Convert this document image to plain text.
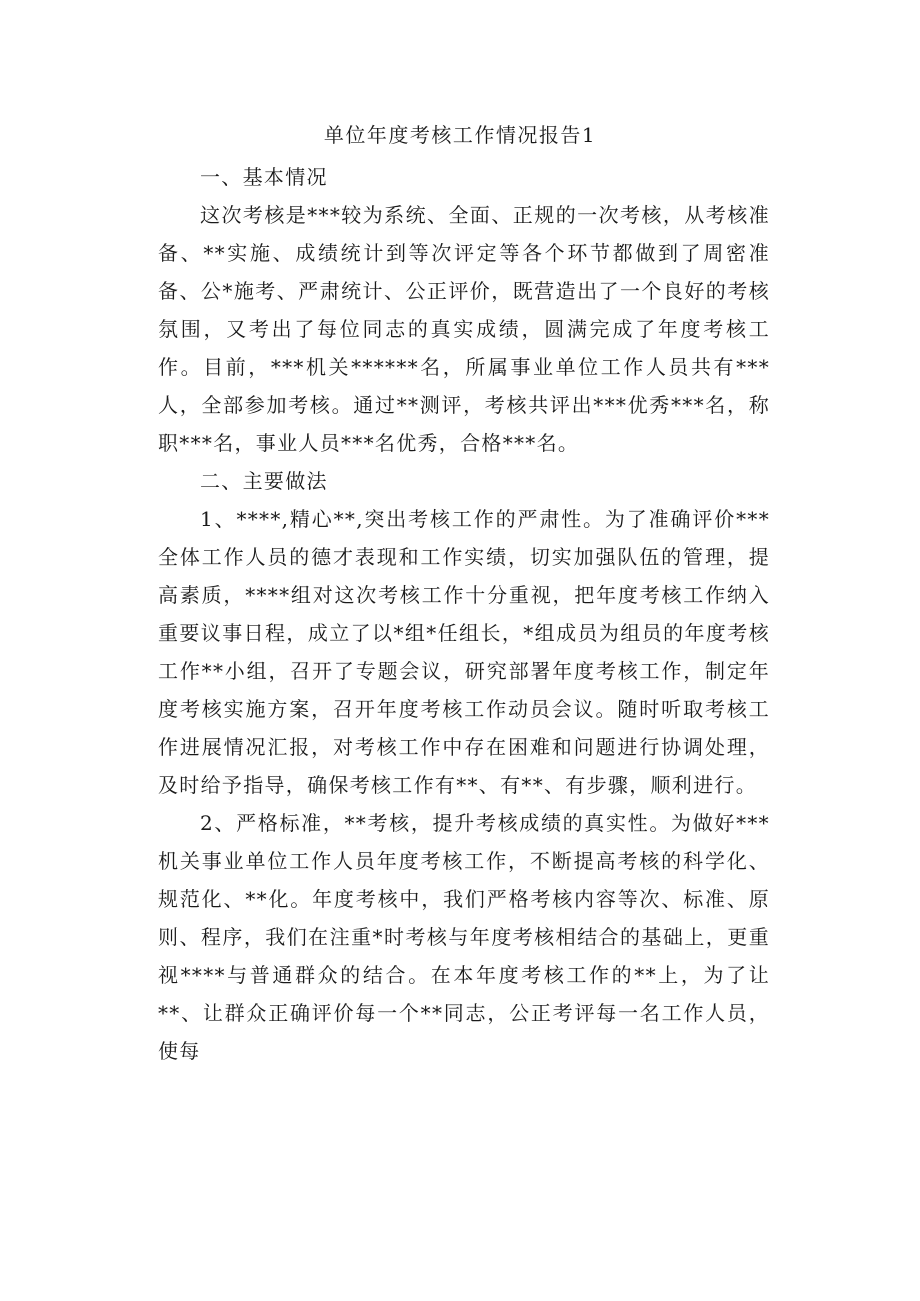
单位年度考核工作情况报告1
一、基本情况

这次考核是***较为系统、全面、正规的一次考核，从考核准备、**实施、成绩统计到等次评定等各个环节都做到了周密准备、公*施考、严肃统计、公正评价，既营造出了一个良好的考核氛围，又考出了每位同志的真实成绩，圆满完成了年度考核工作。目前，***机关******名，所属事业单位工作人员共有***人，全部参加考核。通过**测评，考核共评出***优秀***名，称职***名，事业人员***名优秀，合格***名。

二、主要做法

1、****,精心**,突出考核工作的严肃性。为了准确评价***全体工作人员的德才表现和工作实绩，切实加强队伍的管理，提高素质，****组对这次考核工作十分重视，把年度考核工作纳入重要议事日程，成立了以*组*任组长，*组成员为组员的年度考核工作**小组，召开了专题会议，研究部署年度考核工作，制定年度考核实施方案，召开年度考核工作动员会议。随时听取考核工作进展情况汇报，对考核工作中存在困难和问题进行协调处理，及时给予指导，确保考核工作有**、有**、有步骤，顺利进行。

2、严格标准，**考核，提升考核成绩的真实性。为做好***机关事业单位工作人员年度考核工作，不断提高考核的科学化、规范化、**化。年度考核中，我们严格考核内容等次、标准、原则、程序，我们在注重*时考核与年度考核相结合的基础上，更重视****与普通群众的结合。在本年度考核工作的**上，为了让**、让群众正确评价每一个**同志，公正考评每一名工作人员，使每
